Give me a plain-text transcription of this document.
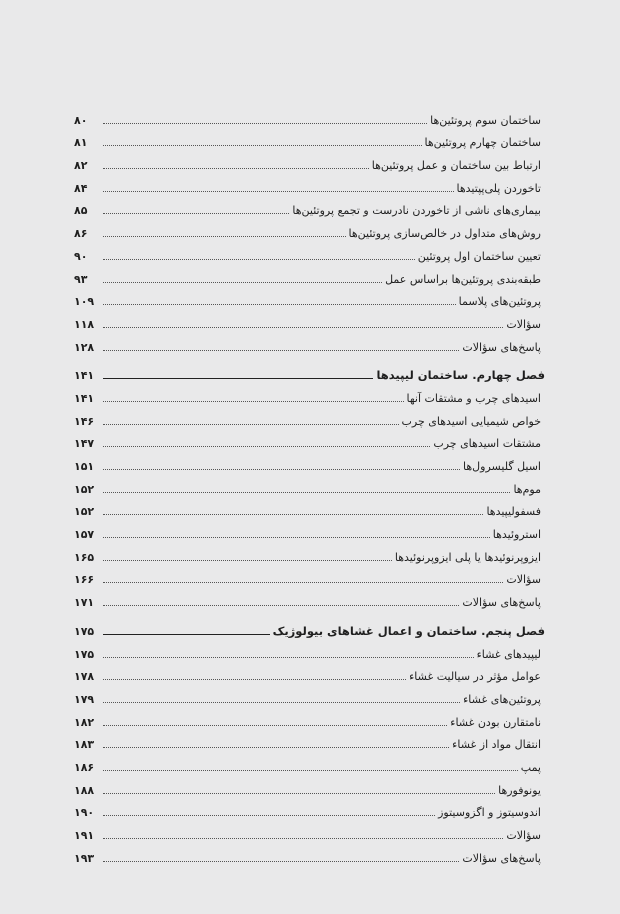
ساختمان سوم پروتئین‌ها
۸۰
ساختمان چهارم پروتئین‌ها
۸۱
ارتباط بین ساختمان و عمل پروتئین‌ها
۸۲
تاخوردن پلی‌پپتیدها
۸۴
بیماری‌های ناشی از تاخوردن نادرست و تجمع پروتئین‌ها
۸۵
روش‌های متداول در خالص‌سازی پروتئین‌ها
۸۶
تعیین ساختمان اول پروتئین
۹۰
طبقه‌بندی پروتئین‌ها براساس عمل
۹۳
پروتئین‌های پلاسما
۱۰۹
سؤالات
۱۱۸
پاسخ‌های سؤالات
۱۲۸
فصل چهارم. ساختمان لیپیدها
۱۴۱
اسیدهای چرب و مشتقات آنها
۱۴۱
خواص شیمیایی اسیدهای چرب
۱۴۶
مشتقات اسیدهای چرب
۱۴۷
اسیل گلیسرول‌ها
۱۵۱
موم‌ها
۱۵۲
فسفولیپیدها
۱۵۲
استروئیدها
۱۵۷
ایزوپرنوئیدها یا پلی ایزوپرنوئیدها
۱۶۵
سؤالات
۱۶۶
پاسخ‌های سؤالات
۱۷۱
فصل پنجم. ساختمان و اعمال غشاهای بیولوژیک
۱۷۵
لیپیدهای غشاء
۱۷۵
عوامل مؤثر در سیالیت غشاء
۱۷۸
پروتئین‌های غشاء
۱۷۹
نامتقارن بودن غشاء
۱۸۲
انتقال مواد از غشاء
۱۸۳
پمپ
۱۸۶
یونوفورها
۱۸۸
اندوسیتوز و اگزوسیتوز
۱۹۰
سؤالات
۱۹۱
پاسخ‌های سؤالات
۱۹۳
